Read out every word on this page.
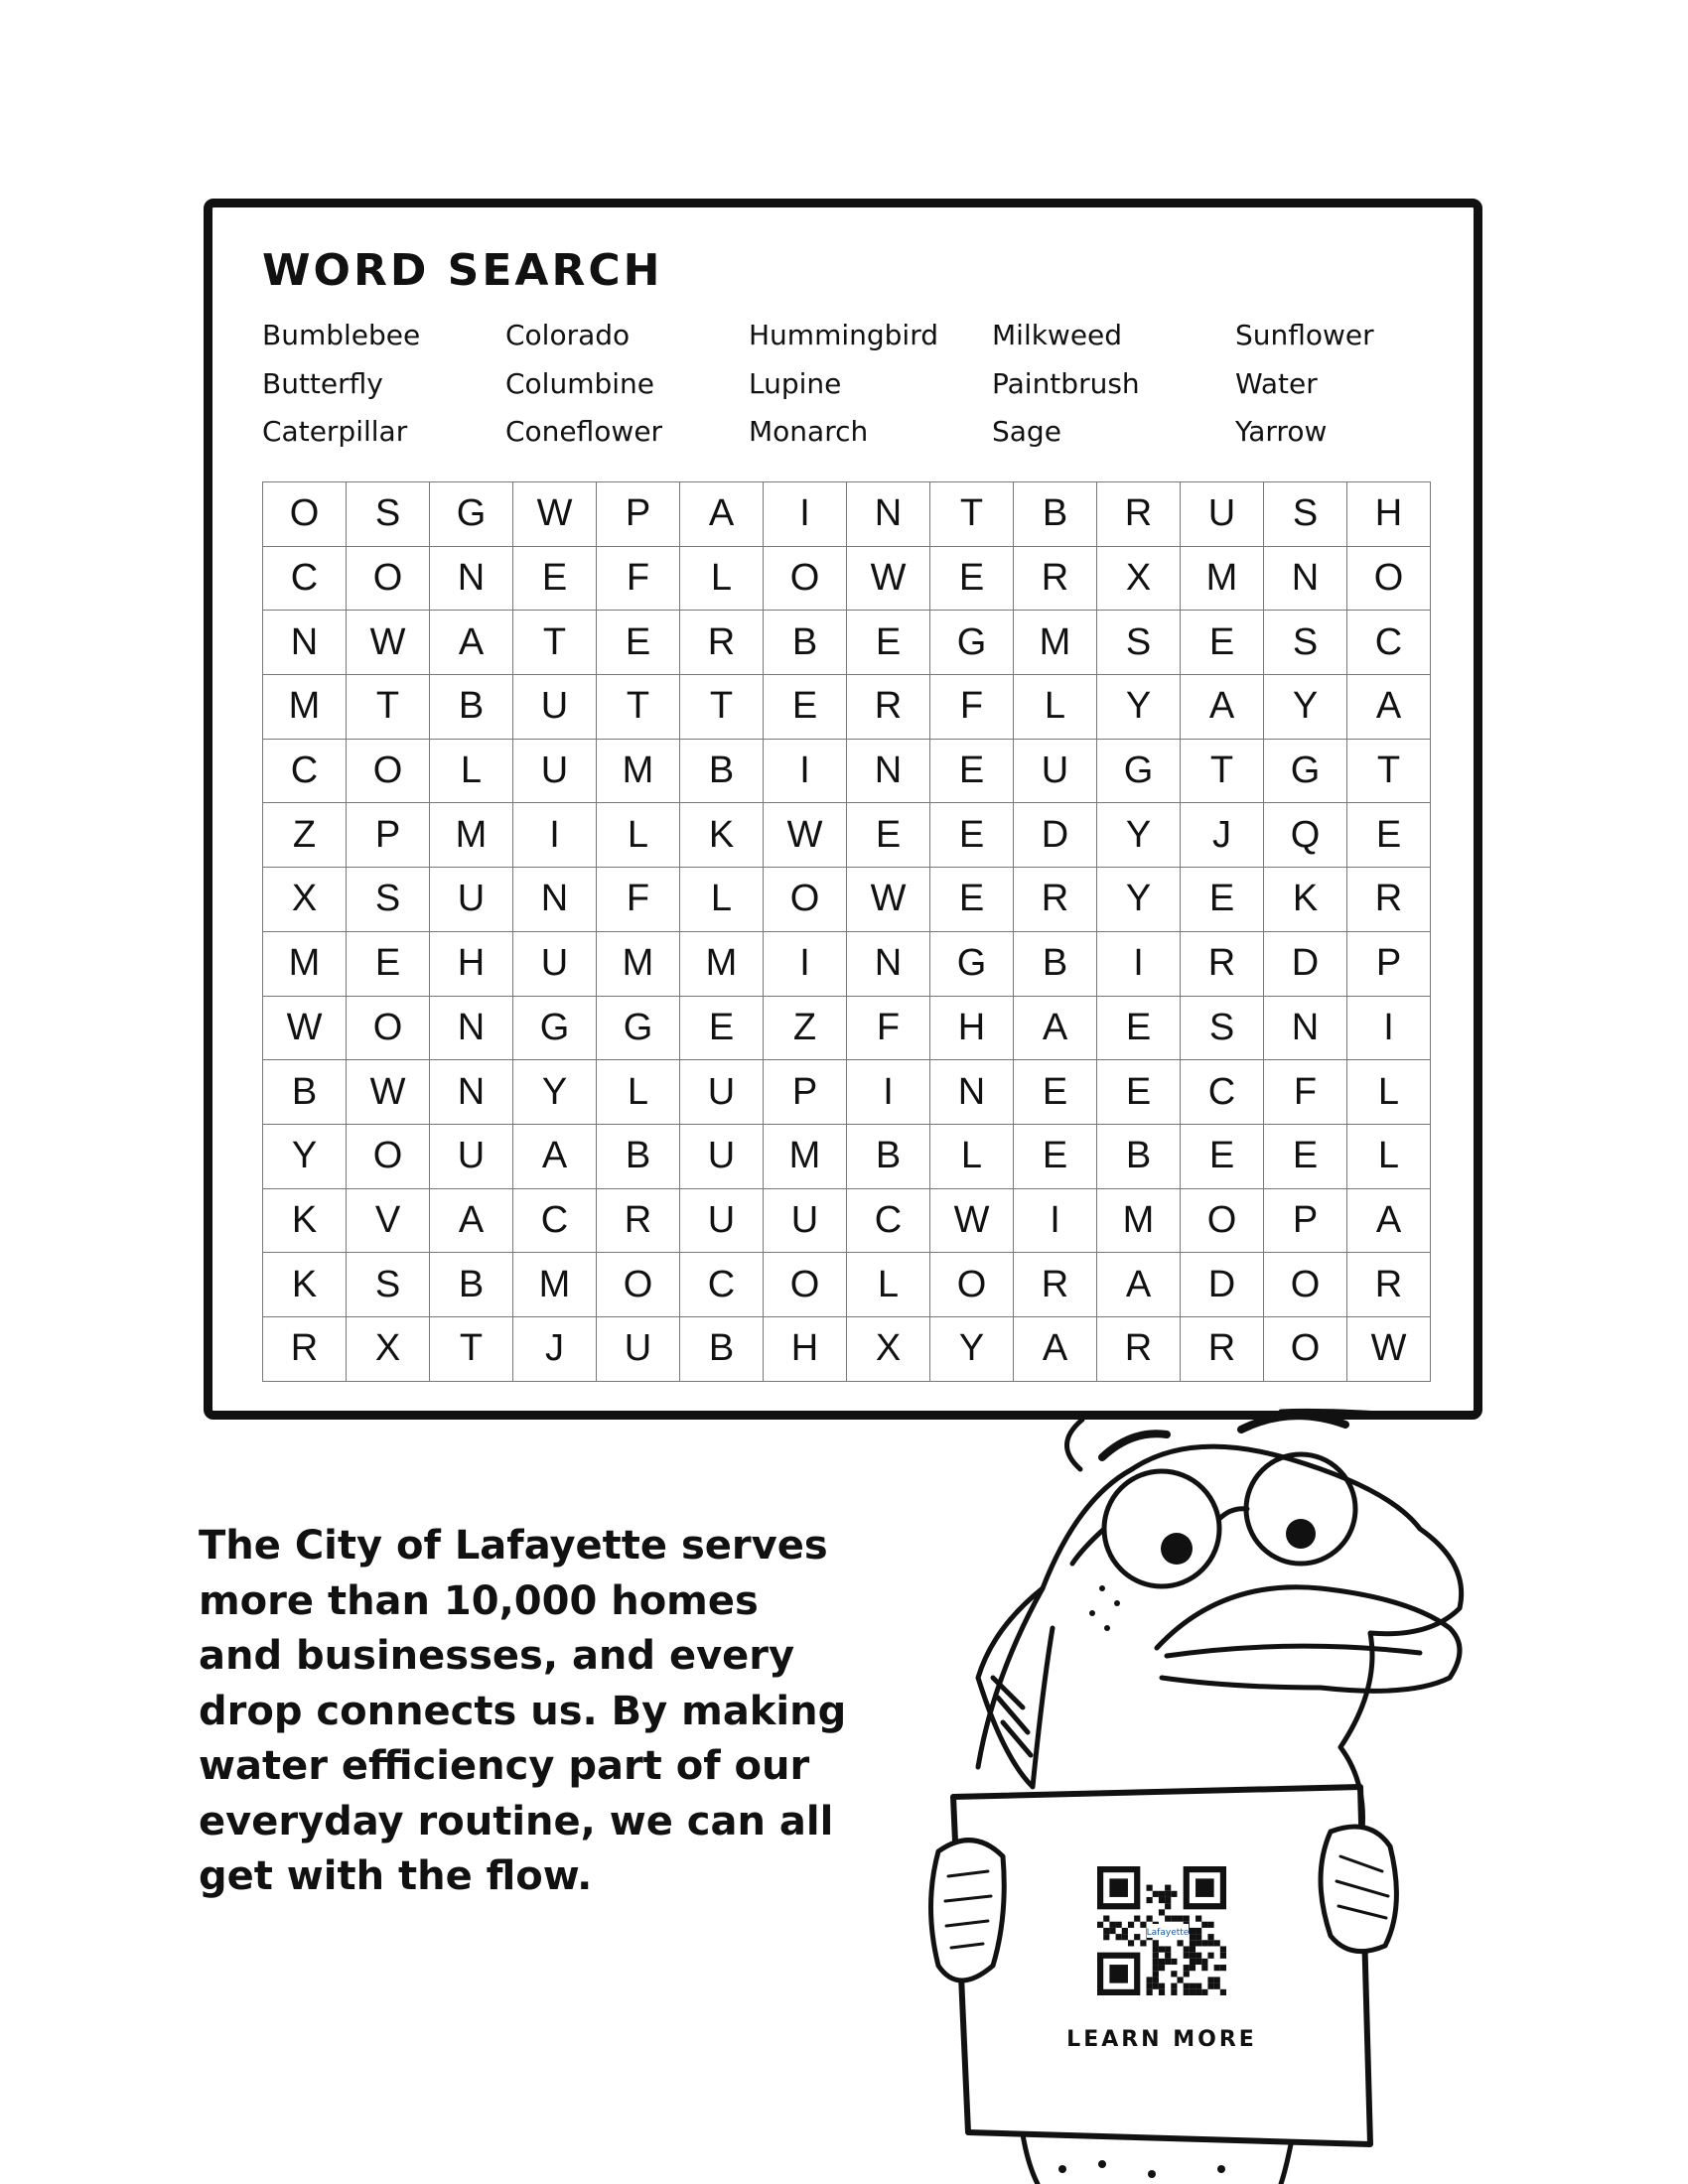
WORD SEARCH
Bumblebee	Colorado	Hummingbird	Milkweed	Sunflower
Butterfly	Columbine	Lupine	Paintbrush	Water
Caterpillar	Coneflower	Monarch	Sage	Yarrow
O	S	G	W	P	A	I	N	T	B	R	U	S	H
C	O	N	E	F	L	O	W	E	R	X	M	N	O
N	W	A	T	E	R	B	E	G	M	S	E	S	C
M	T	B	U	T	T	E	R	F	L	Y	A	Y	A
C	O	L	U	M	B	I	N	E	U	G	T	G	T
Z	P	M	I	L	K	W	E	E	D	Y	J	Q	E
X	S	U	N	F	L	O	W	E	R	Y	E	K	R
M	E	H	U	M	M	I	N	G	B	I	R	D	P
W	O	N	G	G	E	Z	F	H	A	E	S	N	I
B	W	N	Y	L	U	P	I	N	E	E	C	F	L
Y	O	U	A	B	U	M	B	L	E	B	E	E	L
K	V	A	C	R	U	U	C	W	I	M	O	P	A
K	S	B	M	O	C	O	L	O	R	A	D	O	R
R	X	T	J	U	B	H	X	Y	A	R	R	O	W
The City of Lafayette serves more than 10,000 homes and businesses, and every drop connects us. By making water efficiency part of our everyday routine, we can all get with the flow.
Lafayette
LEARN MORE
